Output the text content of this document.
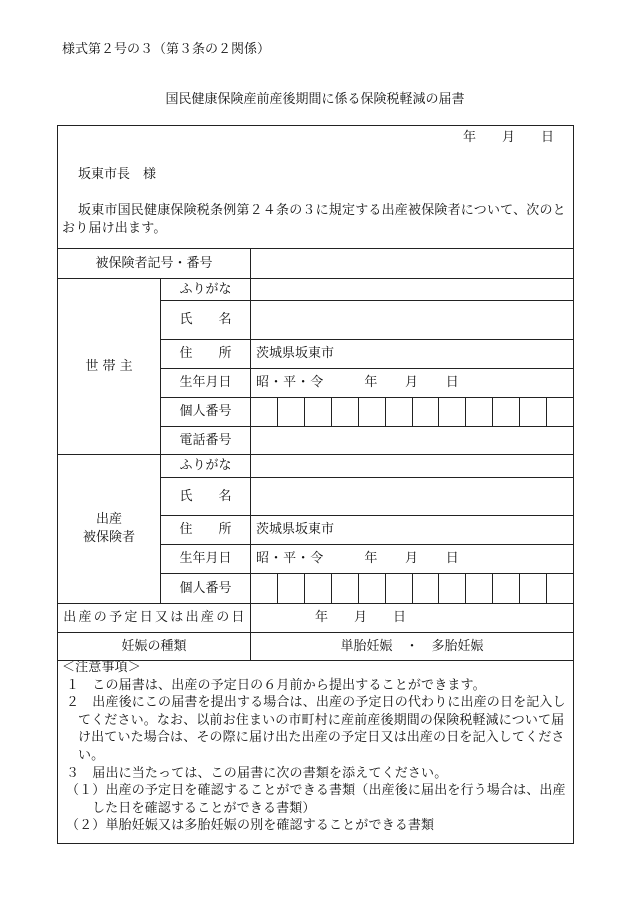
様式第２号の３（第３条の２関係）
国民健康保険産前産後期間に係る保険税軽減の届書
年　　月　　日
坂東市長　様
坂東市国民健康保険税条例第２４条の３に規定する出産被保険者について、次のと
おり届け出ます。
被保険者記号・番号
世 帯 主
ふりがな
氏　　名
住　　所	茨城県坂東市
生年月日	昭・平・令　　　年　　月　　日
個人番号
電話番号
出産
被保険者
ふりがな
氏　　名
住　　所	茨城県坂東市
生年月日	昭・平・令　　　年　　月　　日
個人番号
出産の予定日又は出産の日	年　　月　　日
妊娠の種類	単胎妊娠　・　多胎妊娠
＜注意事項＞
１　この届書は、出産の予定日の６月前から提出することができます。
２　出産後にこの届書を提出する場合は、出産の予定日の代わりに出産の日を記入し
てください。なお、以前お住まいの市町村に産前産後期間の保険税軽減について届
け出ていた場合は、その際に届け出た出産の予定日又は出産の日を記入してくださ
い。
３　届出に当たっては、この届書に次の書類を添えてください。
（１）出産の予定日を確認することができる書類（出産後に届出を行う場合は、出産
した日を確認することができる書類）
（２）単胎妊娠又は多胎妊娠の別を確認することができる書類
